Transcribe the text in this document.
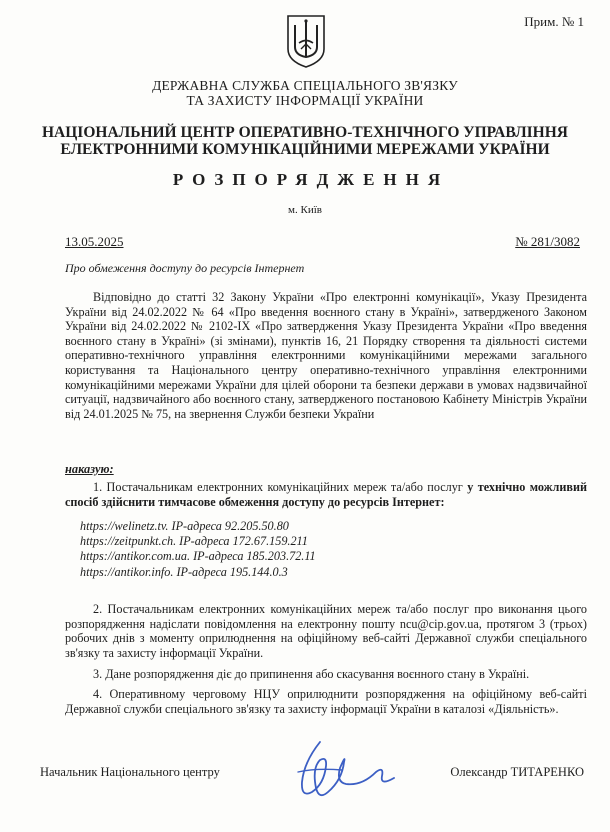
Прим. № 1
ДЕРЖАВНА СЛУЖБА СПЕЦІАЛЬНОГО ЗВ'ЯЗКУ
ТА ЗАХИСТУ ІНФОРМАЦІЇ УКРАЇНИ
НАЦІОНАЛЬНИЙ ЦЕНТР ОПЕРАТИВНО-ТЕХНІЧНОГО УПРАВЛІННЯ
ЕЛЕКТРОННИМИ КОМУНІКАЦІЙНИМИ МЕРЕЖАМИ УКРАЇНИ
РОЗПОРЯДЖЕННЯ
м. Київ
13.05.2025	№ 281/3082
Про обмеження доступу до ресурсів Інтернет

Відповідно до статті 32 Закону України «Про електронні комунікації», Указу Президента України від 24.02.2022 № 64 «Про введення воєнного стану в Україні», затвердженого Законом України від 24.02.2022 № 2102-IX «Про затвердження Указу Президента України «Про введення воєнного стану в Україні» (зі змінами), пунктів 16, 21 Порядку створення та діяльності системи оперативно-технічного управління електронними комунікаційними мережами загального користування та Національного центру оперативно-технічного управління електронними комунікаційними мережами України для цілей оборони та безпеки держави в умовах надзвичайної ситуації, надзвичайного або воєнного стану, затвердженого постановою Кабінету Міністрів України від 24.01.2025 № 75, на звернення Служби безпеки України

наказую:

1. Постачальникам електронних комунікаційних мереж та/або послуг у технічно можливий спосіб здійснити тимчасове обмеження доступу до ресурсів Інтернет:

https://welinetz.tv. IP-адреса 92.205.50.80
https://zeitpunkt.ch. IP-адреса 172.67.159.211
https://antikor.com.ua. IP-адреса 185.203.72.11
https://antikor.info. IP-адреса 195.144.0.3

2. Постачальникам електронних комунікаційних мереж та/або послуг про виконання цього розпорядження надіслати повідомлення на електронну пошту ncu@cip.gov.ua, протягом 3 (трьох) робочих днів з моменту оприлюднення на офіційному веб-сайті Державної служби спеціального зв'язку та захисту інформації України.

3. Дане розпорядження діє до припинення або скасування воєнного стану в Україні.

4. Оперативному черговому НЦУ оприлюднити розпорядження на офіційному веб-сайті Державної служби спеціального зв'язку та захисту інформації України в каталозі «Діяльність».

Начальник Національного центру	Олександр ТИТАРЕНКО
